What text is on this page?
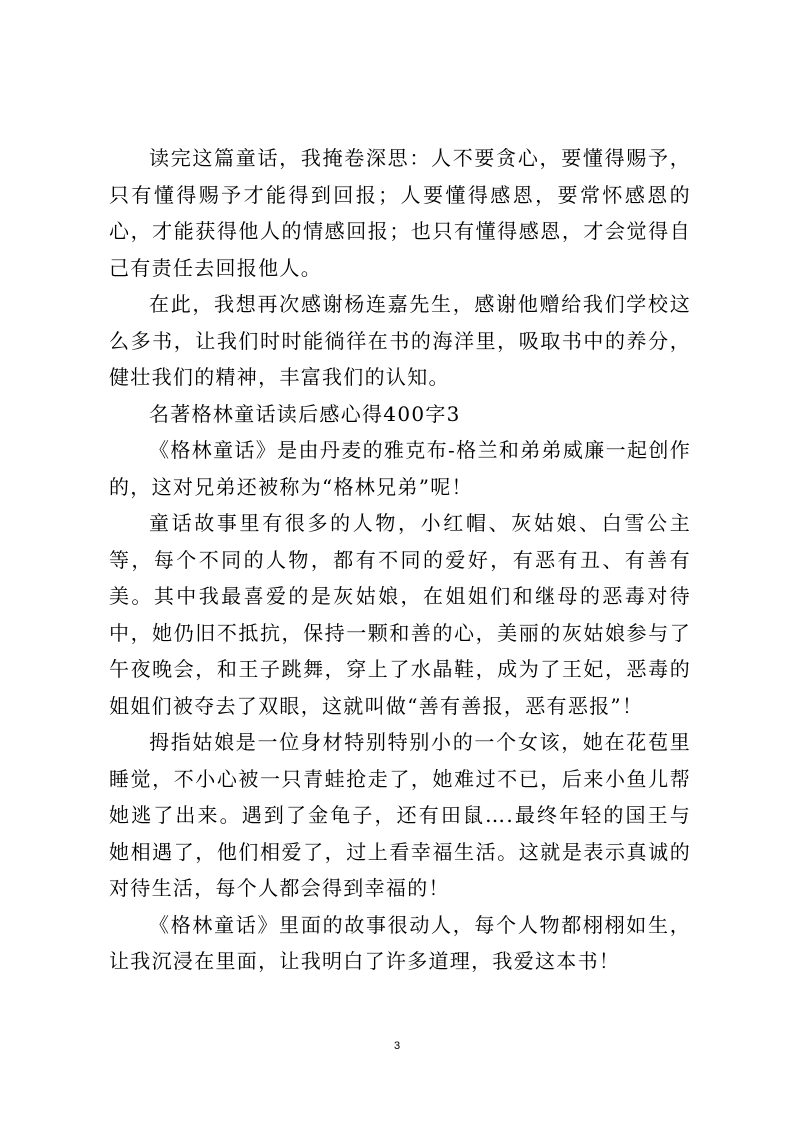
读完这篇童话，我掩卷深思：人不要贪心，要懂得赐予，只有懂得赐予才能得到回报；人要懂得感恩，要常怀感恩的心，才能获得他人的情感回报；也只有懂得感恩，才会觉得自己有责任去回报他人。

在此，我想再次感谢杨连嘉先生，感谢他赠给我们学校这么多书，让我们时时能徜徉在书的海洋里，吸取书中的养分，健壮我们的精神，丰富我们的认知。

名著格林童话读后感心得400字3

《格林童话》是由丹麦的雅克布-格兰和弟弟威廉一起创作的，这对兄弟还被称为“格林兄弟”呢！

童话故事里有很多的人物，小红帽、灰姑娘、白雪公主等，每个不同的人物，都有不同的爱好，有恶有丑、有善有美。其中我最喜爱的是灰姑娘，在姐姐们和继母的恶毒对待中，她仍旧不抵抗，保持一颗和善的心，美丽的灰姑娘参与了午夜晚会，和王子跳舞，穿上了水晶鞋，成为了王妃，恶毒的姐姐们被夺去了双眼，这就叫做“善有善报，恶有恶报”！

拇指姑娘是一位身材特别特别小的一个女该，她在花苞里睡觉，不小心被一只青蛙抢走了，她难过不已，后来小鱼儿帮她逃了出来。遇到了金龟子，还有田鼠….最终年轻的国王与她相遇了，他们相爱了，过上看幸福生活。这就是表示真诚的对待生活，每个人都会得到幸福的！

《格林童话》里面的故事很动人，每个人物都栩栩如生，让我沉浸在里面，让我明白了许多道理，我爱这本书！

3
